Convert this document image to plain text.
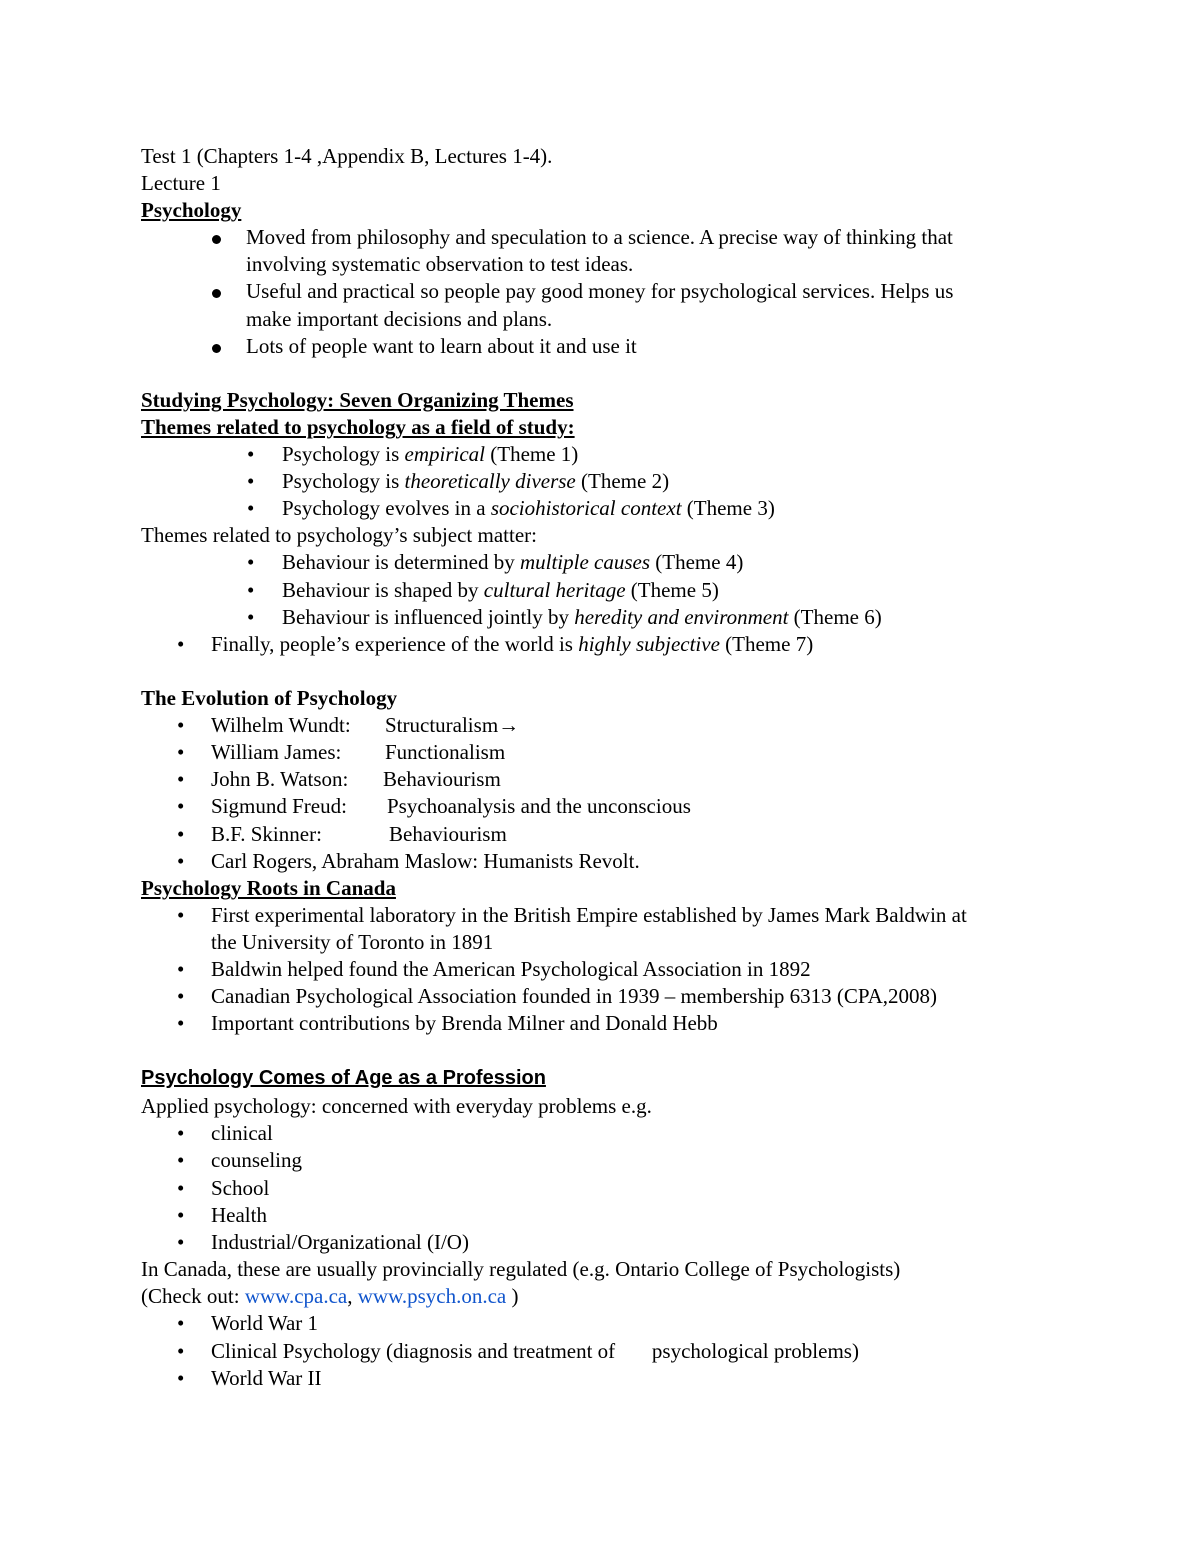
Test 1 (Chapters 1-4 ,Appendix B, Lectures 1-4).
Lecture 1
Psychology
Moved from philosophy and speculation to a science. A precise way of thinking that
involving systematic observation to test ideas.
Useful and practical so people pay good money for psychological services. Helps us
make important decisions and plans.
Lots of people want to learn about it and use it
Studying Psychology: Seven Organizing Themes
Themes related to psychology as a field of study:
• Psychology is empirical (Theme 1)
• Psychology is theoretically diverse (Theme 2)
• Psychology evolves in a sociohistorical context (Theme 3)
Themes related to psychology’s subject matter:
• Behaviour is determined by multiple causes (Theme 4)
• Behaviour is shaped by cultural heritage (Theme 5)
• Behaviour is influenced jointly by heredity and environment (Theme 6)
• Finally, people’s experience of the world is highly subjective (Theme 7)
The Evolution of Psychology
• Wilhelm Wundt: Structuralism→
• William James: Functionalism
• John B. Watson: Behaviourism
• Sigmund Freud: Psychoanalysis and the unconscious
• B.F. Skinner:	Behaviourism
• Carl Rogers, Abraham Maslow: Humanists Revolt.
Psychology Roots in Canada
• First experimental laboratory in the British Empire established by James Mark Baldwin at
the University of Toronto in 1891
• Baldwin helped found the American Psychological Association in 1892
• Canadian Psychological Association founded in 1939 – membership 6313 (CPA,2008)
• Important contributions by Brenda Milner and Donald Hebb
Psychology Comes of Age as a Profession
Applied psychology: concerned with everyday problems e.g.
• clinical
• counseling
• School
• Health
• Industrial/Organizational (I/O)
In Canada, these are usually provincially regulated (e.g. Ontario College of Psychologists)
(Check out: www.cpa.ca, www.psych.on.ca )
• World War 1
• Clinical Psychology (diagnosis and treatment of       psychological problems)
• World War II
